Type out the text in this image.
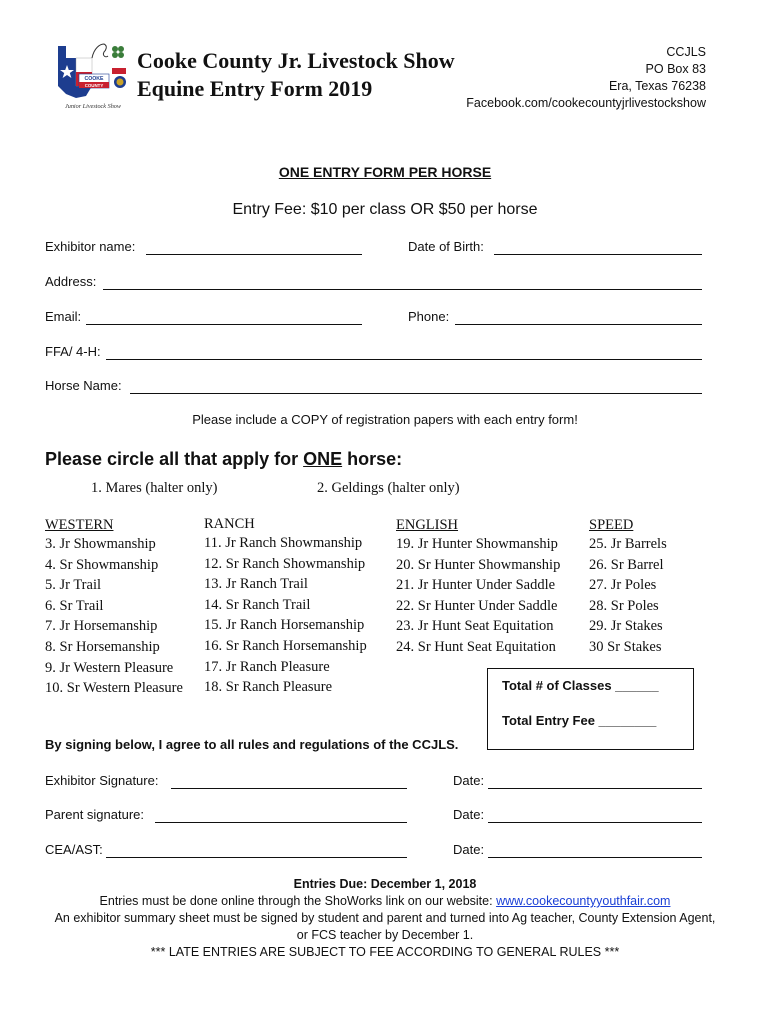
COOKE
COUNTY
Junior Livestock Show
Cooke County Jr. Livestock Show
Equine Entry Form 2019
CCJLS
PO Box 83
Era, Texas 76238
Facebook.com/cookecountyjrlivestockshow
ONE ENTRY FORM PER HORSE
Entry Fee: $10 per class OR $50 per horse
Exhibitor name:	Date of Birth:
Address:
Email:	Phone:
FFA/ 4-H:
Horse Name:
Please include a COPY of registration papers with each entry form!
Please circle all that apply for ONE horse:
1. Mares (halter only)	2. Geldings (halter only)
WESTERN
3. Jr Showmanship
4. Sr Showmanship
5. Jr Trail
6. Sr Trail
7. Jr Horsemanship
8. Sr Horsemanship
9. Jr Western Pleasure
10. Sr Western Pleasure
RANCH
11. Jr Ranch Showmanship
12. Sr Ranch Showmanship
13. Jr Ranch Trail
14. Sr Ranch Trail
15. Jr Ranch Horsemanship
16. Sr Ranch Horsemanship
17. Jr Ranch Pleasure
18. Sr Ranch Pleasure
ENGLISH
19. Jr Hunter Showmanship
20. Sr Hunter Showmanship
21. Jr Hunter Under Saddle
22. Sr Hunter Under Saddle
23. Jr Hunt Seat Equitation
24. Sr Hunt Seat Equitation
SPEED
25. Jr Barrels
26. Sr Barrel
27. Jr Poles
28. Sr Poles
29. Jr Stakes
30 Sr Stakes
Total # of Classes ______
Total Entry Fee ________
By signing below, I agree to all rules and regulations of the CCJLS.
Exhibitor Signature:	Date:
Parent signature:	Date:
CEA/AST:	Date:
Entries Due: December 1, 2018
Entries must be done online through the ShoWorks link on our website: www.cookecountyyouthfair.com
An exhibitor summary sheet must be signed by student and parent and turned into Ag teacher, County Extension Agent,
or FCS teacher by December 1.
*** LATE ENTRIES ARE SUBJECT TO FEE ACCORDING TO GENERAL RULES ***
